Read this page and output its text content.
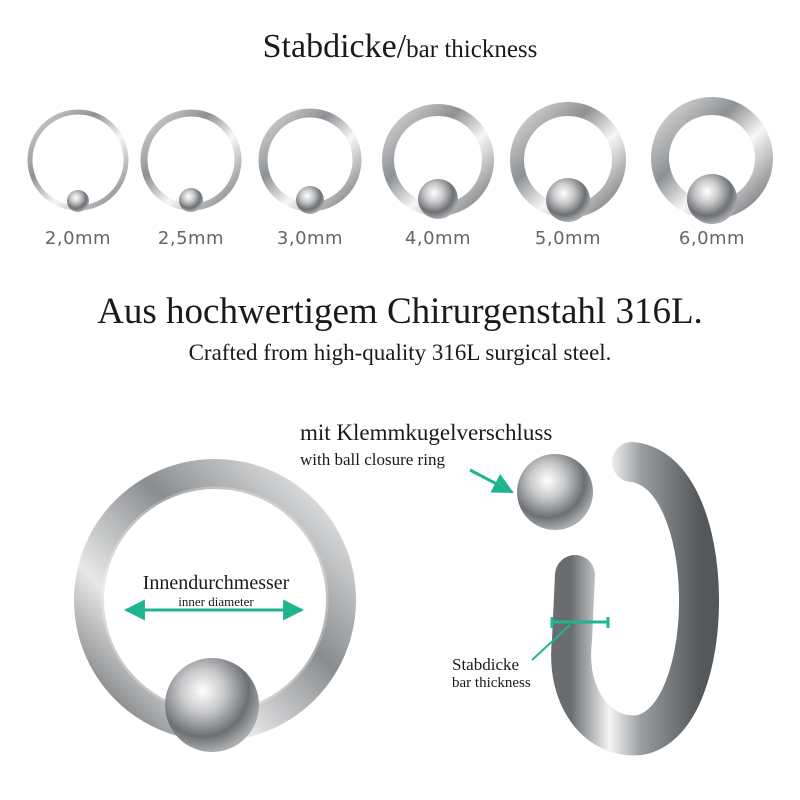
Stabdicke/bar thickness
2,0mm	2,5mm	3,0mm	4,0mm	5,0mm	6,0mm
Aus hochwertigem Chirurgenstahl 316L.
Crafted from high-quality 316L surgical steel.
mit Klemmkugelverschluss
with ball closure ring
Innendurchmesser
inner diameter
Stabdicke
bar thickness
